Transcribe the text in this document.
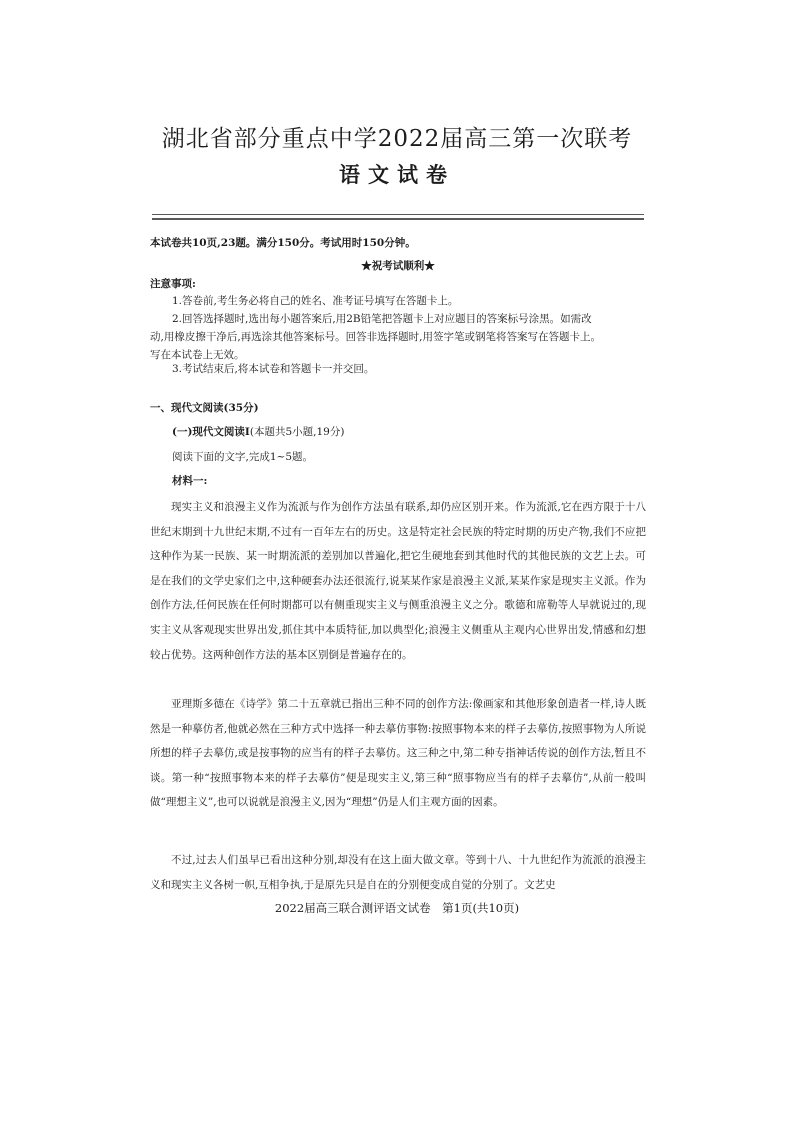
湖北省部分重点中学2022届高三第一次联考
语文试卷
本试卷共10页,23题。满分150分。考试用时150分钟。
★祝考试顺利★
注意事项:
1.答卷前,考生务必将自己的姓名、准考证号填写在答题卡上。
2.回答选择题时,选出每小题答案后,用2B铅笔把答题卡上对应题目的答案标号涂黑。如需改
动,用橡皮擦干净后,再选涂其他答案标号。回答非选择题时,用签字笔或钢笔将答案写在答题卡上。
写在本试卷上无效。
3.考试结束后,将本试卷和答题卡一并交回。
一、现代文阅读(35分)
(一)现代文阅读Ⅰ(本题共5小题,19分)
阅读下面的文字,完成1~5题。
材料一:
现实主义和浪漫主义作为流派与作为创作方法虽有联系,却仍应区别开来。作为流派,它在西方限于十八世纪末期到十九世纪末期,不过有一百年左右的历史。这是特定社会民族的特定时期的历史产物,我们不应把这种作为某一民族、某一时期流派的差别加以普遍化,把它生硬地套到其他时代的其他民族的文艺上去。可是在我们的文学史家们之中,这种硬套办法还很流行,说某某作家是浪漫主义派,某某作家是现实主义派。作为创作方法,任何民族在任何时期都可以有侧重现实主义与侧重浪漫主义之分。歌德和席勒等人早就说过的,现实主义从客观现实世界出发,抓住其中本质特征,加以典型化;浪漫主义侧重从主观内心世界出发,情感和幻想较占优势。这两种创作方法的基本区别倒是普遍存在的。
亚理斯多德在《诗学》第二十五章就已指出三种不同的创作方法:像画家和其他形象创造者一样,诗人既然是一种摹仿者,他就必然在三种方式中选择一种去摹仿事物:按照事物本来的样子去摹仿,按照事物为人所说所想的样子去摹仿,或是按事物的应当有的样子去摹仿。这三种之中,第二种专指神话传说的创作方法,暂且不谈。第一种“按照事物本来的样子去摹仿”便是现实主义,第三种“照事物应当有的样子去摹仿”,从前一般叫做“理想主义”,也可以说就是浪漫主义,因为“理想”仍是人们主观方面的因素。
不过,过去人们虽早已看出这种分别,却没有在这上面大做文章。等到十八、十九世纪作为流派的浪漫主义和现实主义各树一帜,互相争执,于是原先只是自在的分别便变成自觉的分别了。文艺史
2022届高三联合测评语文试卷　第1页(共10页)
